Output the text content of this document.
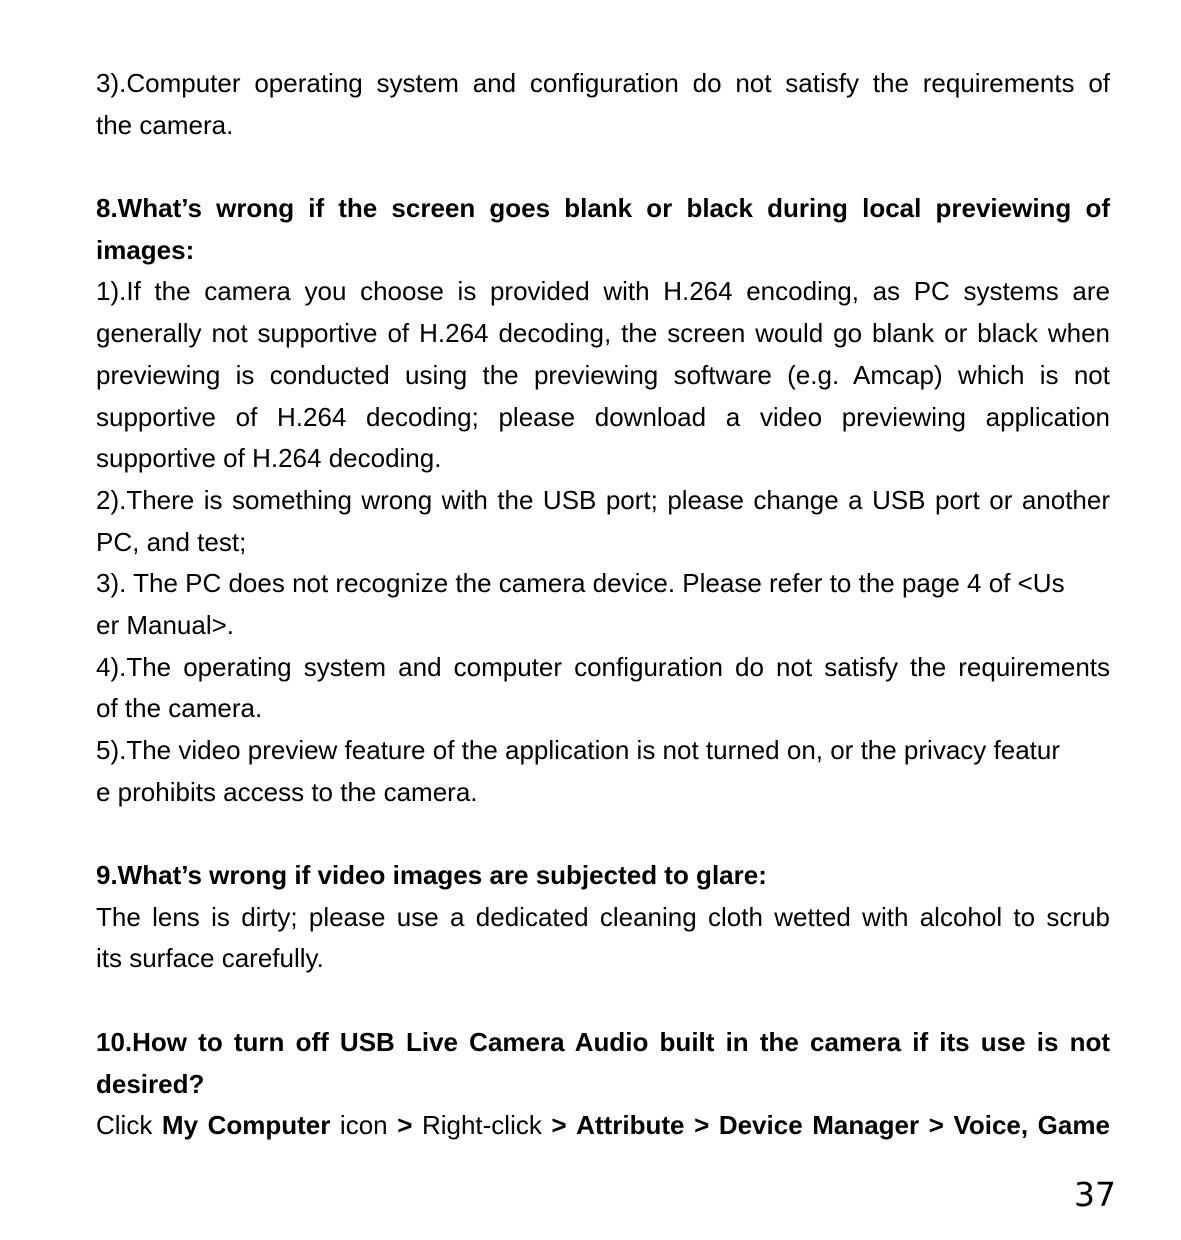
3).Computer operating system and configuration do not satisfy the requirements of
the camera.
8.What’s wrong if the screen goes blank or black during local previewing of
images:
1).If the camera you choose is provided with H.264 encoding, as PC systems are
generally not supportive of H.264 decoding, the screen would go blank or black when
previewing is conducted using the previewing software (e.g. Amcap) which is not
supportive of H.264 decoding; please download a video previewing application
supportive of H.264 decoding.
2).There is something wrong with the USB port; please change a USB port or another
PC, and test;
3). The PC does not recognize the camera device. Please refer to the page 4 of <Us
er Manual>.
4).The operating system and computer configuration do not satisfy the requirements
of the camera.
5).The video preview feature of the application is not turned on, or the privacy featur
e prohibits access to the camera.
9.What’s wrong if video images are subjected to glare:
The lens is dirty; please use a dedicated cleaning cloth wetted with alcohol to scrub
its surface carefully.
10.How to turn off USB Live Camera Audio built in the camera if its use is not
desired?
Click My Computer icon > Right-click > Attribute > Device Manager > Voice, Game
37
